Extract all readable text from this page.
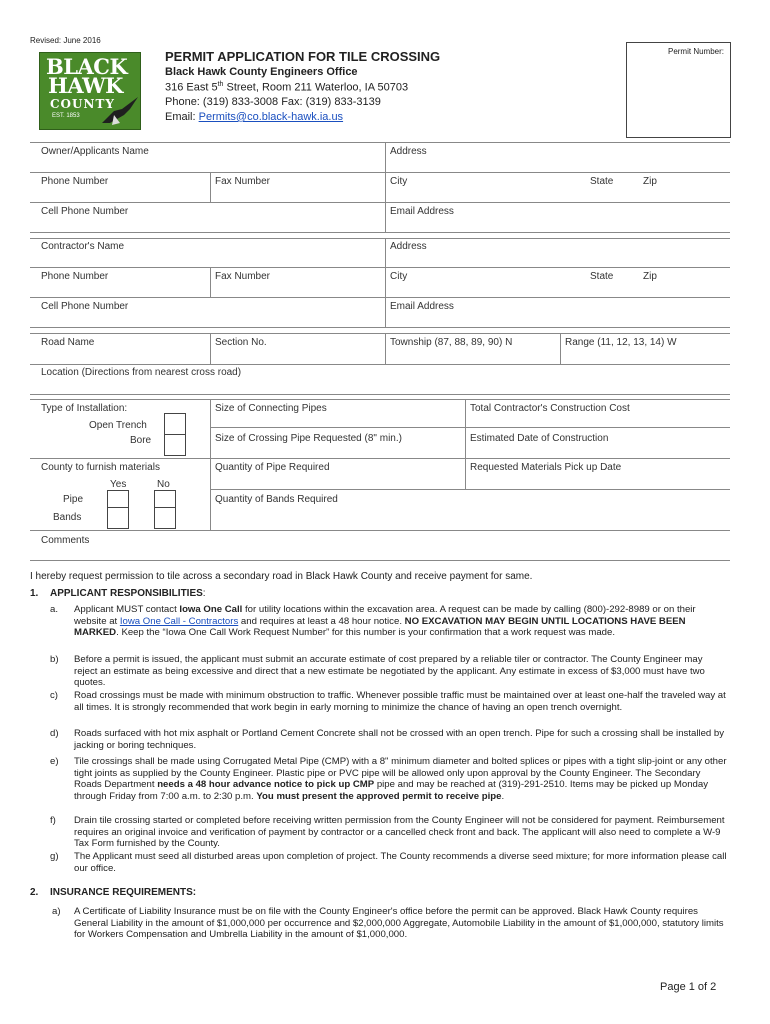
Revised: June 2016
BLACK
HAWK
COUNTY
EST. 1853
PERMIT APPLICATION FOR TILE CROSSING
Black Hawk County Engineers Office
316 East 5th Street, Room 211 Waterloo, IA 50703
Phone: (319) 833-3008 Fax: (319) 833-3139
Email: Permits@co.black-hawk.ia.us
Permit Number:
Owner/Applicants Name	Address
Phone Number	Fax Number	City	State	Zip
Cell Phone Number	Email Address
Contractor's Name	Address
Phone Number	Fax Number	City	State	Zip
Cell Phone Number	Email Address
Road Name	Section No.	Township (87, 88, 89, 90) N	Range (11, 12, 13, 14) W
Location (Directions from nearest cross road)
Type of Installation:
Open Trench
Bore
Size of Connecting Pipes	Total Contractor's Construction Cost
Size of Crossing Pipe Requested (8" min.)	Estimated Date of Construction
County to furnish materials
Yes	No
Pipe
Bands
Quantity of Pipe Required	Requested Materials Pick up Date
Quantity of Bands Required
Comments
I hereby request permission to tile across a secondary road in Black Hawk County and receive payment for same.
1. APPLICANT RESPONSIBILITIES:
a. Applicant MUST contact Iowa One Call for utility locations within the excavation area. A request can be made by calling (800)-292-8989 or on their website at Iowa One Call - Contractors and requires at least a 48 hour notice. NO EXCAVATION MAY BEGIN UNTIL LOCATIONS HAVE BEEN MARKED. Keep the “Iowa One Call Work Request Number” for this number is your confirmation that a work request was made.
b) Before a permit is issued, the applicant must submit an accurate estimate of cost prepared by a reliable tiler or contractor. The County Engineer may reject an estimate as being excessive and direct that a new estimate be negotiated by the applicant. Any estimate in excess of $3,000 must have two quotes.
c) Road crossings must be made with minimum obstruction to traffic. Whenever possible traffic must be maintained over at least one-half the traveled way at all times. It is strongly recommended that work begin in early morning to minimize the chance of having an open trench overnight.
d) Roads surfaced with hot mix asphalt or Portland Cement Concrete shall not be crossed with an open trench. Pipe for such a crossing shall be installed by jacking or boring techniques.
e) Tile crossings shall be made using Corrugated Metal Pipe (CMP) with a 8" minimum diameter and bolted splices or pipes with a tight slip-joint or any other tight joints as supplied by the County Engineer. Plastic pipe or PVC pipe will be allowed only upon approval by the County Engineer. The Secondary Roads Department needs a 48 hour advance notice to pick up CMP pipe and may be reached at (319)-291-2510. Items may be picked up Monday through Friday from 7:00 a.m. to 2:30 p.m. You must present the approved permit to receive pipe.
f) Drain tile crossing started or completed before receiving written permission from the County Engineer will not be considered for payment. Reimbursement requires an original invoice and verification of payment by contractor or a cancelled check front and back. The applicant will also need to complete a W-9 Tax Form furnished by the County.
g) The Applicant must seed all disturbed areas upon completion of project. The County recommends a diverse seed mixture; for more information please call our office.
2. INSURANCE REQUIREMENTS:
a) A Certificate of Liability Insurance must be on file with the County Engineer's office before the permit can be approved. Black Hawk County requires General Liability in the amount of $1,000,000 per occurrence and $2,000,000 Aggregate, Automobile Liability in the amount of $1,000,000, statutory limits for Workers Compensation and Umbrella Liability in the amount of $1,000,000.
Page 1 of 2
